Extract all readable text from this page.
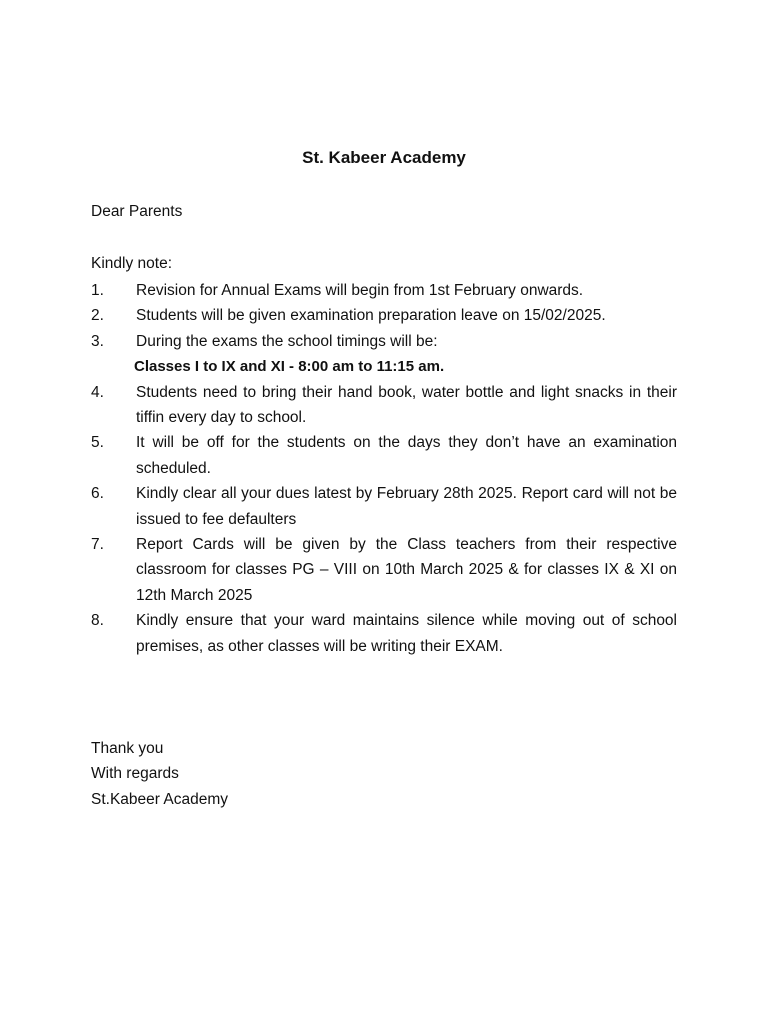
St. Kabeer Academy
Dear Parents
Kindly note:
1. Revision for Annual Exams will begin from 1st February onwards.
2. Students will be given examination preparation leave on 15/02/2025.
3. During the exams the school timings will be:
Classes I to IX and XI - 8:00 am to 11:15 am.
4. Students need to bring their hand book, water bottle and light snacks in their tiffin every day to school.
5. It will be off for the students on the days they don’t have an examination scheduled.
6. Kindly clear all your dues latest by February 28th 2025. Report card will not be issued to fee defaulters
7. Report Cards will be given by the Class teachers from their respective classroom for classes PG – VIII on 10th March 2025 & for classes IX & XI on 12th March 2025
8. Kindly ensure that your ward maintains silence while moving out of school premises, as other classes will be writing their EXAM.
Thank you
With regards
St.Kabeer Academy
